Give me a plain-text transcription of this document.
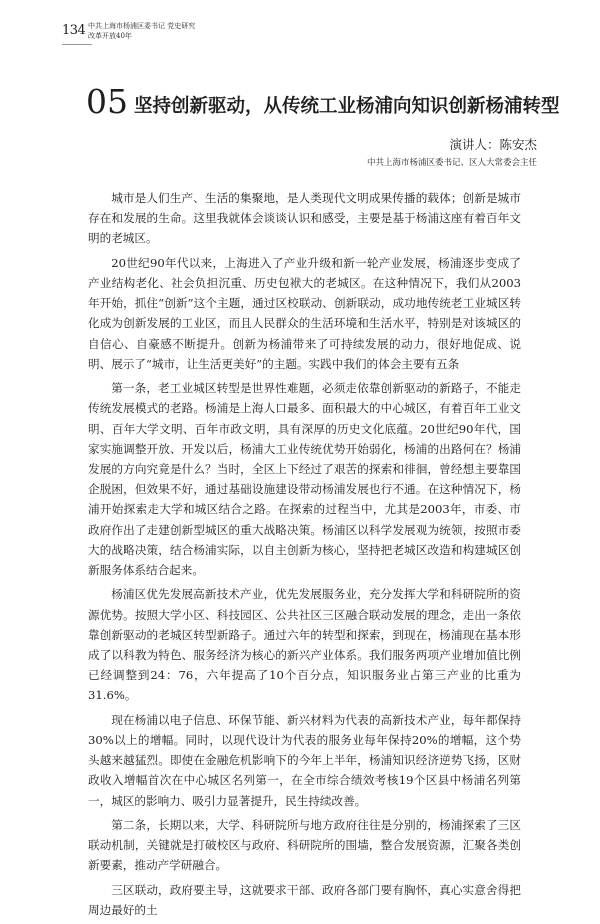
134 中共上海市杨浦区委书记 党史研究
改革开放40年
05 坚持创新驱动，从传统工业杨浦向知识创新杨浦转型
演讲人：陈安杰
中共上海市杨浦区委书记、区人大常委会主任

城市是人们生产、生活的集聚地，是人类现代文明成果传播的载体；创新是城市存在和发展的生命。这里我就体会谈谈认识和感受，主要是基于杨浦这座有着百年文明的老城区。

20世纪90年代以来，上海进入了产业升级和新一轮产业发展，杨浦逐步变成了产业结构老化、社会负担沉重、历史包袱大的老城区。在这种情况下，我们从2003年开始，抓住“创新”这个主题，通过区校联动、创新联动，成功地传统老工业城区转化成为创新发展的工业区，而且人民群众的生活环境和生活水平，特别是对该城区的自信心、自豪感不断提升。创新为杨浦带来了可持续发展的动力，很好地促成、说明、展示了“城市，让生活更美好”的主题。实践中我们的体会主要有五条

第一条，老工业城区转型是世界性难题，必须走依靠创新驱动的新路子，不能走传统发展模式的老路。杨浦是上海人口最多、面积最大的中心城区，有着百年工业文明、百年大学文明、百年市政文明，具有深厚的历史文化底蕴。20世纪90年代，国家实施调整开放、开发以后，杨浦大工业传统优势开始弱化，杨浦的出路何在？杨浦发展的方向究竟是什么？当时，全区上下经过了艰苦的探索和徘徊，曾经想主要靠国企脱困，但效果不好，通过基础设施建设带动杨浦发展也行不通。在这种情况下，杨浦开始探索走大学和城区结合之路。在探索的过程当中，尤其是2003年，市委、市政府作出了走建创新型城区的重大战略决策。杨浦区以科学发展观为统领，按照市委大的战略决策，结合杨浦实际，以自主创新为核心，坚持把老城区改造和构建城区创新服务体系结合起来。

杨浦区优先发展高新技术产业，优先发展服务业，充分发挥大学和科研院所的资源优势。按照大学小区、科技园区、公共社区三区融合联动发展的理念，走出一条依靠创新驱动的老城区转型新路子。通过六年的转型和探索，到现在，杨浦现在基本形成了以科教为特色、服务经济为核心的新兴产业体系。我们服务两项产业增加值比例已经调整到24：76，六年提高了10个百分点，知识服务业占第三产业的比重为31.6%。

现在杨浦以电子信息、环保节能、新兴材料为代表的高新技术产业，每年都保持30%以上的增幅。同时，以现代设计为代表的服务业每年保持20%的增幅，这个势头越来越猛烈。即使在金融危机影响下的今年上半年，杨浦知识经济逆势飞扬，区财政收入增幅首次在中心城区名列第一，在全市综合绩效考核19个区县中杨浦名列第一，城区的影响力、吸引力显著提升，民生持续改善。

第二条，长期以来，大学、科研院所与地方政府往往是分别的，杨浦探索了三区联动机制，关键就是打破校区与政府、科研院所的围墙，整合发展资源，汇聚各类创新要素，推动产学研融合。

三区联动，政府要主导，这就要求干部、政府各部门要有胸怀，真心实意舍得把周边最好的土
